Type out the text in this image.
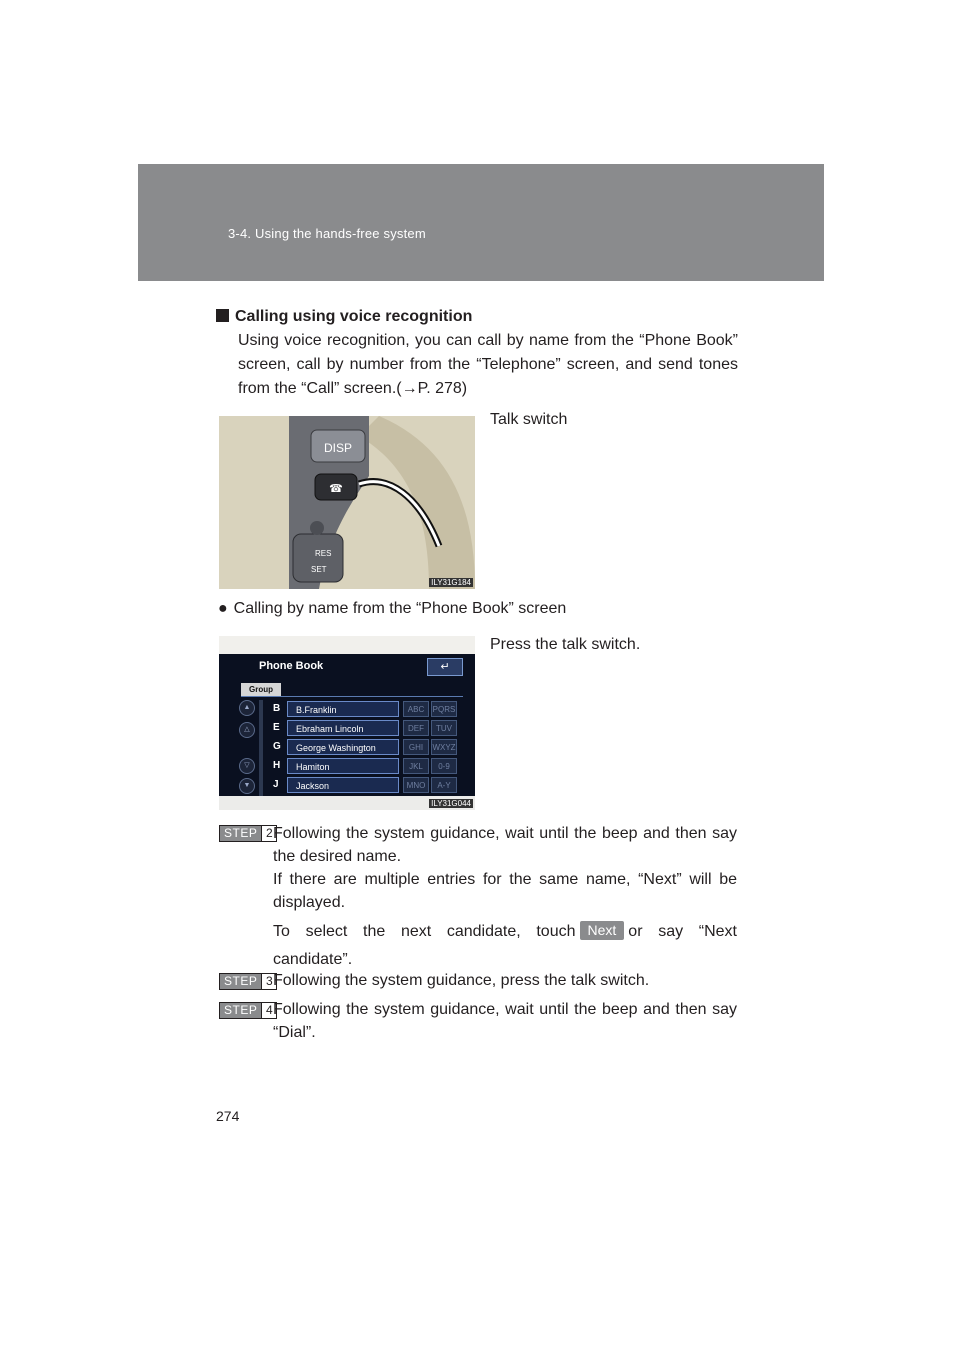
3-4. Using the hands-free system
Calling using voice recognition
Using voice recognition, you can call by name from the “Phone Book” screen, call by number from the “Telephone” screen, and send tones from the “Call” screen.(→P. 278)
DISP
☎
RES
SET
ILY31G184
Talk switch
● Calling by name from the “Phone Book” screen
Press the talk switch.
Phone Book	↵
Group
▲
△
▽
▼
B	B.Franklin	ABC	PQRS
E	Ebraham Lincoln	DEF	TUV
G	George Washington	GHI	WXYZ
H	Hamiton	JKL	0-9
J	Jackson	MNO	A-Y
ILY31G044
STEP 2 Following the system guidance, wait until the beep and then say the desired name.
If there are multiple entries for the same name, “Next” will be displayed.
To select the next candidate, touch Next or say “Next candidate”.
STEP 3 Following the system guidance, press the talk switch.
STEP 4 Following the system guidance, wait until the beep and then say “Dial”.
274
